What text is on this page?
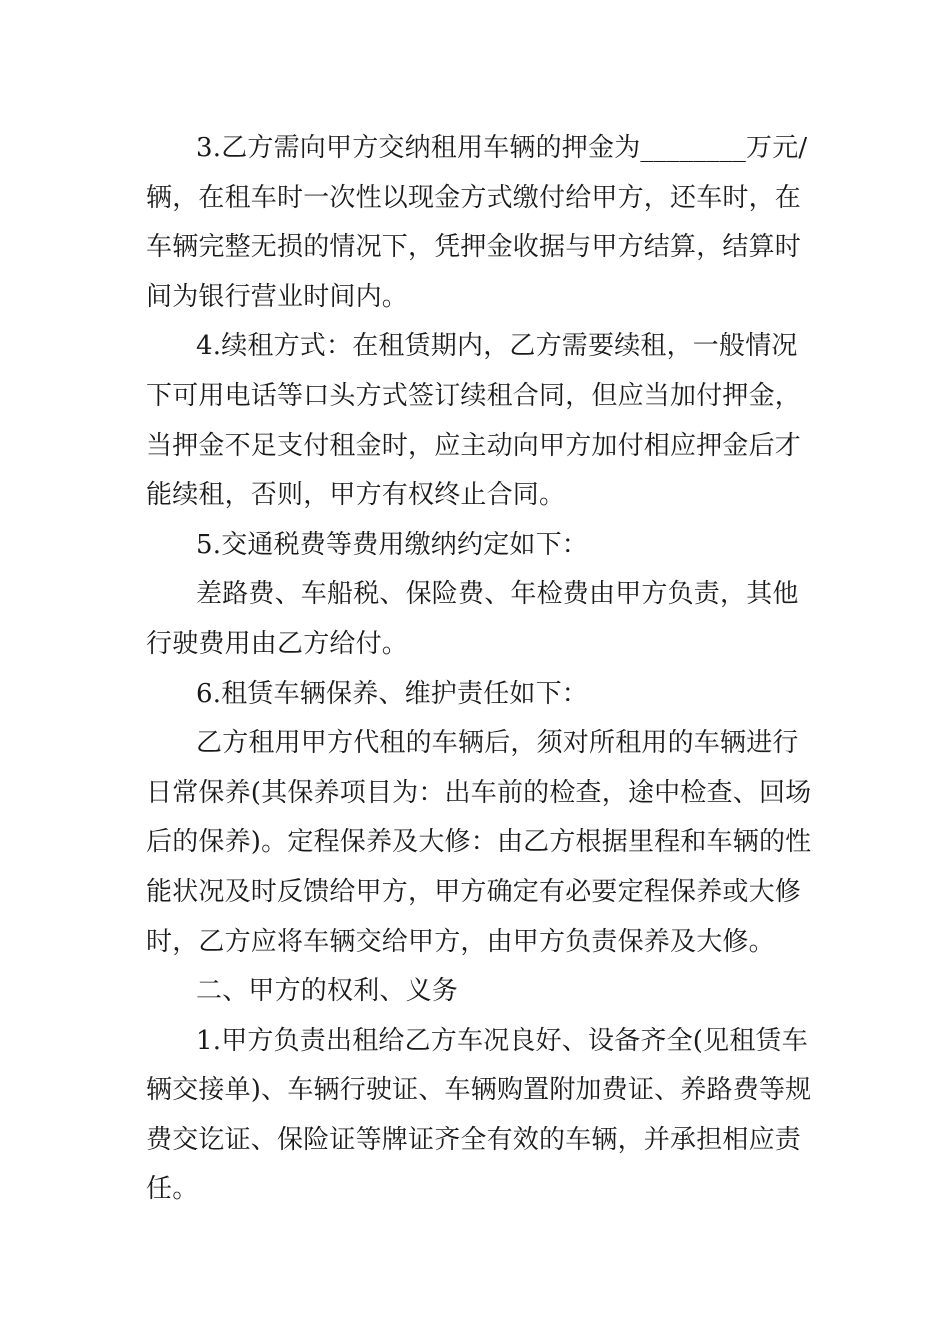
3.乙方需向甲方交纳租用车辆的押金为________万元/
辆，在租车时一次性以现金方式缴付给甲方，还车时，在
车辆完整无损的情况下，凭押金收据与甲方结算，结算时
间为银行营业时间内。
4.续租方式：在租赁期内，乙方需要续租，一般情况
下可用电话等口头方式签订续租合同，但应当加付押金，
当押金不足支付租金时，应主动向甲方加付相应押金后才
能续租，否则，甲方有权终止合同。
5.交通税费等费用缴纳约定如下：
差路费、车船税、保险费、年检费由甲方负责，其他
行驶费用由乙方给付。
6.租赁车辆保养、维护责任如下：
乙方租用甲方代租的车辆后，须对所租用的车辆进行
日常保养(其保养项目为：出车前的检查，途中检查、回场
后的保养)。定程保养及大修：由乙方根据里程和车辆的性
能状况及时反馈给甲方，甲方确定有必要定程保养或大修
时，乙方应将车辆交给甲方，由甲方负责保养及大修。
二、甲方的权利、义务
1.甲方负责出租给乙方车况良好、设备齐全(见租赁车
辆交接单)、车辆行驶证、车辆购置附加费证、养路费等规
费交讫证、保险证等牌证齐全有效的车辆，并承担相应责
任。
